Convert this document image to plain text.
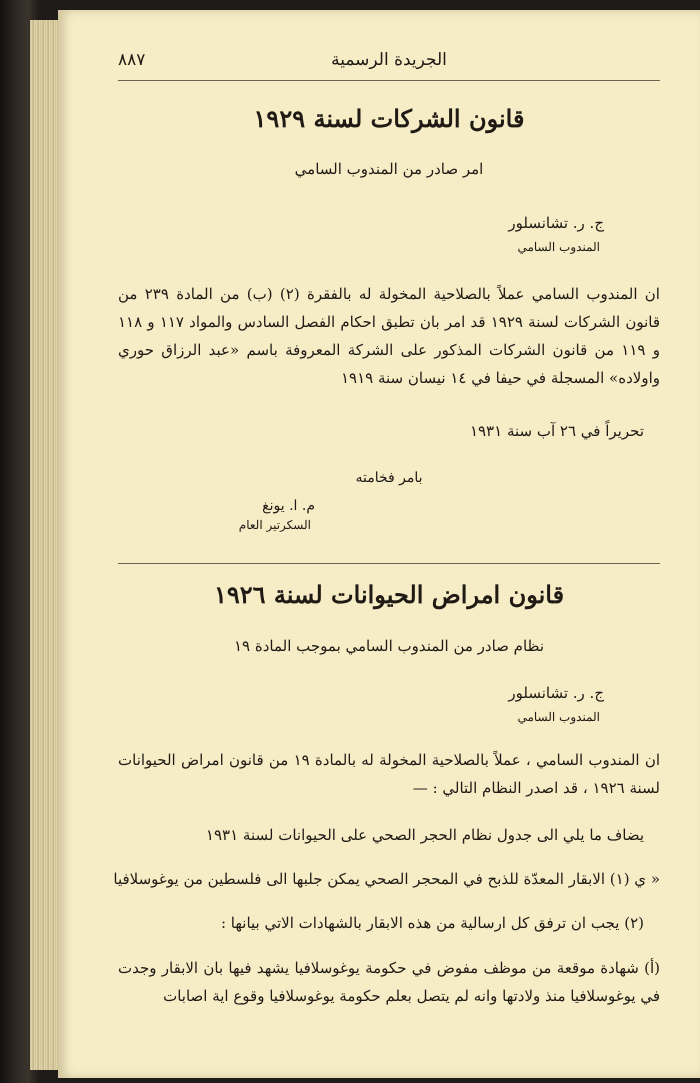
٨٨٧	الجريدة الرسمية
قانون الشركات لسنة ١٩٢٩
امر صادر من المندوب السامي
ج. ر. تشانسلور
المندوب السامي
ان المندوب السامي عملاً بالصلاحية المخولة له بالفقرة (٢) (ب) من المادة ٢٣٩ من قانون الشركات لسنة ١٩٢٩ قد امر بان تطبق احكام الفصل السادس والمواد ١١٧ و ١١٨ و ١١٩ من قانون الشركات المذكور على الشركة المعروفة باسم «عبد الرزاق حوري واولاده» المسجلة في حيفا في ١٤ نيسان سنة ١٩١٩
تحريراً في ٢٦ آب سنة ١٩٣١
بامر فخامته
م. ا. يونغ
السكرتير العام
قانون امراض الحيوانات لسنة ١٩٢٦
نظام صادر من المندوب السامي بموجب المادة ١٩
ج. ر. تشانسلور
المندوب السامي
ان المندوب السامي ، عملاً بالصلاحية المخولة له بالمادة ١٩ من قانون امراض الحيوانات لسنة ١٩٢٦ ، قد اصدر النظام التالي : —
يضاف ما يلي الى جدول نظام الحجر الصحي على الحيوانات لسنة ١٩٣١
« ي (١) الابقار المعدّة للذبح في المحجر الصحي يمكن جلبها الى فلسطين من يوغوسلافيا
(٢) يجب ان ترفق كل ارسالية من هذه الابقار بالشهادات الاتي بيانها :
(أ) شهادة موقعة من موظف مفوض في حكومة يوغوسلافيا يشهد فيها بان الابقار وجدت في يوغوسلافيا منذ ولادتها وانه لم يتصل بعلم حكومة يوغوسلافيا وقوع اية اصابات
